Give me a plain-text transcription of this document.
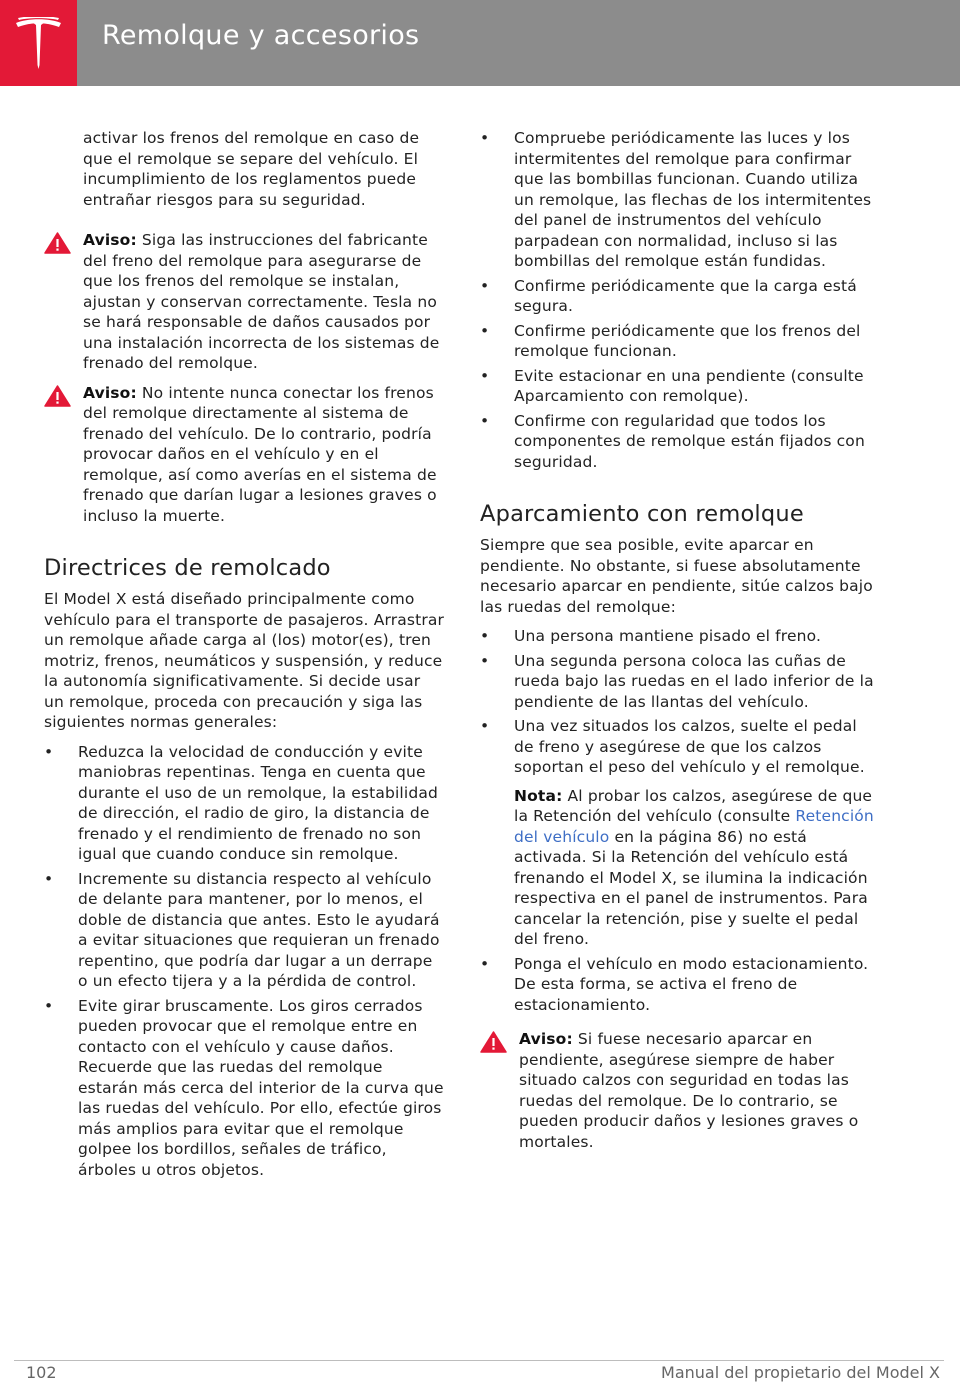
Remolque y accesorios

activar los frenos del remolque en caso de que el remolque se separe del vehículo. El incumplimiento de los reglamentos puede entrañar riesgos para su seguridad.

Aviso: Siga las instrucciones del fabricante del freno del remolque para asegurarse de que los frenos del remolque se instalan, ajustan y conservan correctamente. Tesla no se hará responsable de daños causados por una instalación incorrecta de los sistemas de frenado del remolque.

Aviso: No intente nunca conectar los frenos del remolque directamente al sistema de frenado del vehículo. De lo contrario, podría provocar daños en el vehículo y en el remolque, así como averías en el sistema de frenado que darían lugar a lesiones graves o incluso la muerte.

Directrices de remolcado

El Model X está diseñado principalmente como vehículo para el transporte de pasajeros. Arrastrar un remolque añade carga al (los) motor(es), tren motriz, frenos, neumáticos y suspensión, y reduce la autonomía significativamente. Si decide usar un remolque, proceda con precaución y siga las siguientes normas generales:

• Reduzca la velocidad de conducción y evite maniobras repentinas. Tenga en cuenta que durante el uso de un remolque, la estabilidad de dirección, el radio de giro, la distancia de frenado y el rendimiento de frenado no son igual que cuando conduce sin remolque.
• Incremente su distancia respecto al vehículo de delante para mantener, por lo menos, el doble de distancia que antes. Esto le ayudará a evitar situaciones que requieran un frenado repentino, que podría dar lugar a un derrape o un efecto tijera y a la pérdida de control.
• Evite girar bruscamente. Los giros cerrados pueden provocar que el remolque entre en contacto con el vehículo y cause daños. Recuerde que las ruedas del remolque estarán más cerca del interior de la curva que las ruedas del vehículo. Por ello, efectúe giros más amplios para evitar que el remolque golpee los bordillos, señales de tráfico, árboles u otros objetos.
• Compruebe periódicamente las luces y los intermitentes del remolque para confirmar que las bombillas funcionan. Cuando utiliza un remolque, las flechas de los intermitentes del panel de instrumentos del vehículo parpadean con normalidad, incluso si las bombillas del remolque están fundidas.
• Confirme periódicamente que la carga está segura.
• Confirme periódicamente que los frenos del remolque funcionan.
• Evite estacionar en una pendiente (consulte Aparcamiento con remolque).
• Confirme con regularidad que todos los componentes de remolque están fijados con seguridad.
Aparcamiento con remolque

Siempre que sea posible, evite aparcar en pendiente. No obstante, si fuese absolutamente necesario aparcar en pendiente, sitúe calzos bajo las ruedas del remolque:

• Una persona mantiene pisado el freno.
• Una segunda persona coloca las cuñas de rueda bajo las ruedas en el lado inferior de la pendiente de las llantas del vehículo.
• Una vez situados los calzos, suelte el pedal de freno y asegúrese de que los calzos soportan el peso del vehículo y el remolque.

Nota: Al probar los calzos, asegúrese de que la Retención del vehículo (consulte Retención del vehículo en la página 86) no está activada. Si la Retención del vehículo está frenando el Model X, se ilumina la indicación respectiva en el panel de instrumentos. Para cancelar la retención, pise y suelte el pedal del freno.

• Ponga el vehículo en modo estacionamiento. De esta forma, se activa el freno de estacionamiento.

Aviso: Si fuese necesario aparcar en pendiente, asegúrese siempre de haber situado calzos con seguridad en todas las ruedas del remolque. De lo contrario, se pueden producir daños y lesiones graves o mortales.

102	Manual del propietario del Model X
